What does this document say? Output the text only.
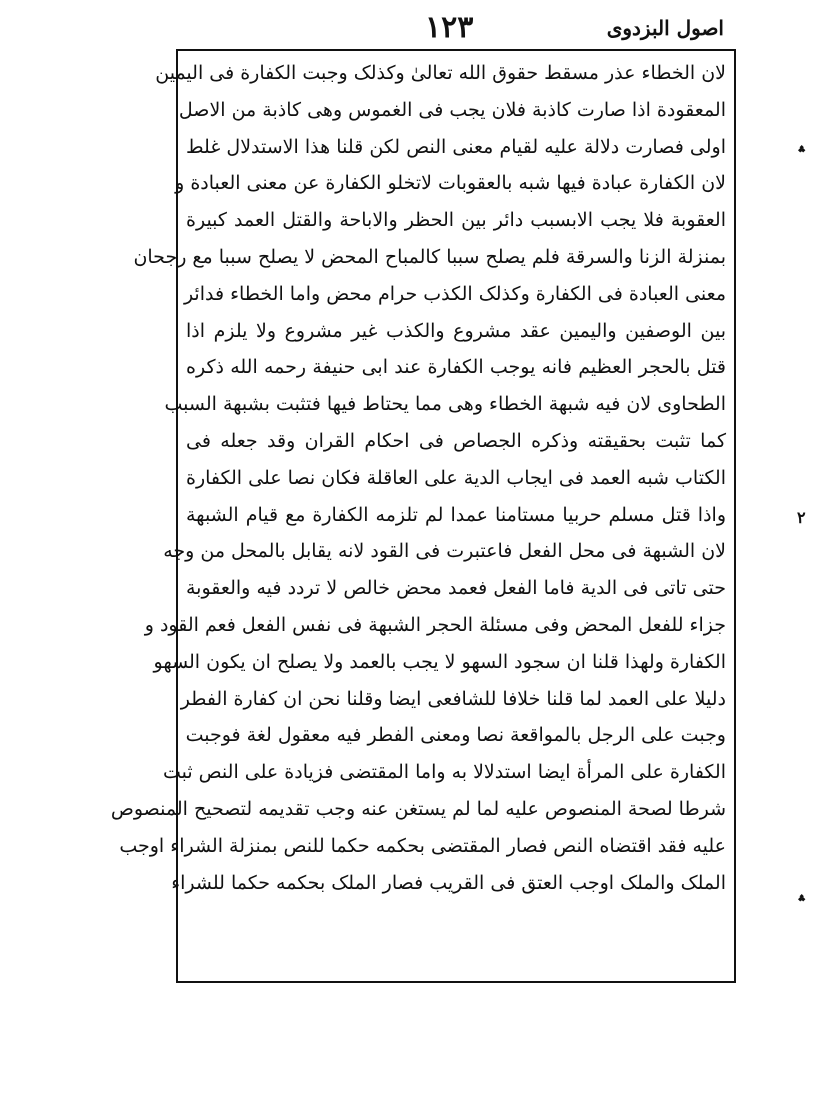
اصول البزدوی
١٢٣
لان الخطاء عذر مسقط حقوق الله تعالیٰ وکذلک وجبت الکفارة فی الیمین
المعقودة اذا صارت کاذبة فلان یجب فی الغموس وهی کاذبة من الاصل
اولی فصارت دلالة علیه لقیام معنی النص لکن قلنا هذا الاستدلال غلط
لان الکفارة عبادة فیها شبه بالعقوبات لاتخلو الکفارة عن معنی العبادة و
العقوبة فلا یجب الابسبب دائر بین الحظر والاباحة والقتل العمد کبیرة
بمنزلة الزنا والسرقة فلم یصلح سببا کالمباح المحض لا یصلح سببا مع رجحان
معنی العبادة فی الکفارة وکذلک الکذب حرام محض واما الخطاء فدائر
بین الوصفین والیمین عقد مشروع والکذب غیر مشروع ولا یلزم اذا
قتل بالحجر العظیم فانه یوجب الکفارة عند ابی حنیفة رحمه الله ذکره
الطحاوی لان فیه شبهة الخطاء وهی مما یحتاط فیها فتثبت بشبهة السبب
کما تثبت بحقیقته وذکره الجصاص فی احکام القران وقد جعله فی
الکتاب شبه العمد فی ایجاب الدیة علی العاقلة فکان نصا علی الکفارة
واذا قتل مسلم حربیا مستامنا عمدا لم تلزمه الکفارة مع قیام الشبهة
لان الشبهة فی محل الفعل فاعتبرت فی القود لانه یقابل بالمحل من وجه
حتی تاتی فی الدیة فاما الفعل فعمد محض خالص لا تردد فیه والعقوبة
جزاء للفعل المحض وفی مسئلة الحجر الشبهة فی نفس الفعل فعم القود و
الکفارة ولهذا قلنا ان سجود السهو لا یجب بالعمد ولا یصلح ان یکون السهو
دلیلا علی العمد لما قلنا خلافا للشافعی ایضا وقلنا نحن ان کفارة الفطر
وجبت علی الرجل بالمواقعة نصا ومعنی الفطر فیه معقول لغة فوجبت
الکفارة علی المرأة ایضا استدلالا به واما المقتضی فزیادة علی النص ثبت
شرطا لصحة المنصوص علیه لما لم یستغن عنه وجب تقدیمه لتصحیح المنصوص
علیه فقد اقتضاه النص فصار المقتضی بحکمه حکما للنص بمنزلة الشراء اوجب
الملک والملک اوجب العتق فی القریب فصار الملک بحکمه حکما للشراء
؞
٢
؞
